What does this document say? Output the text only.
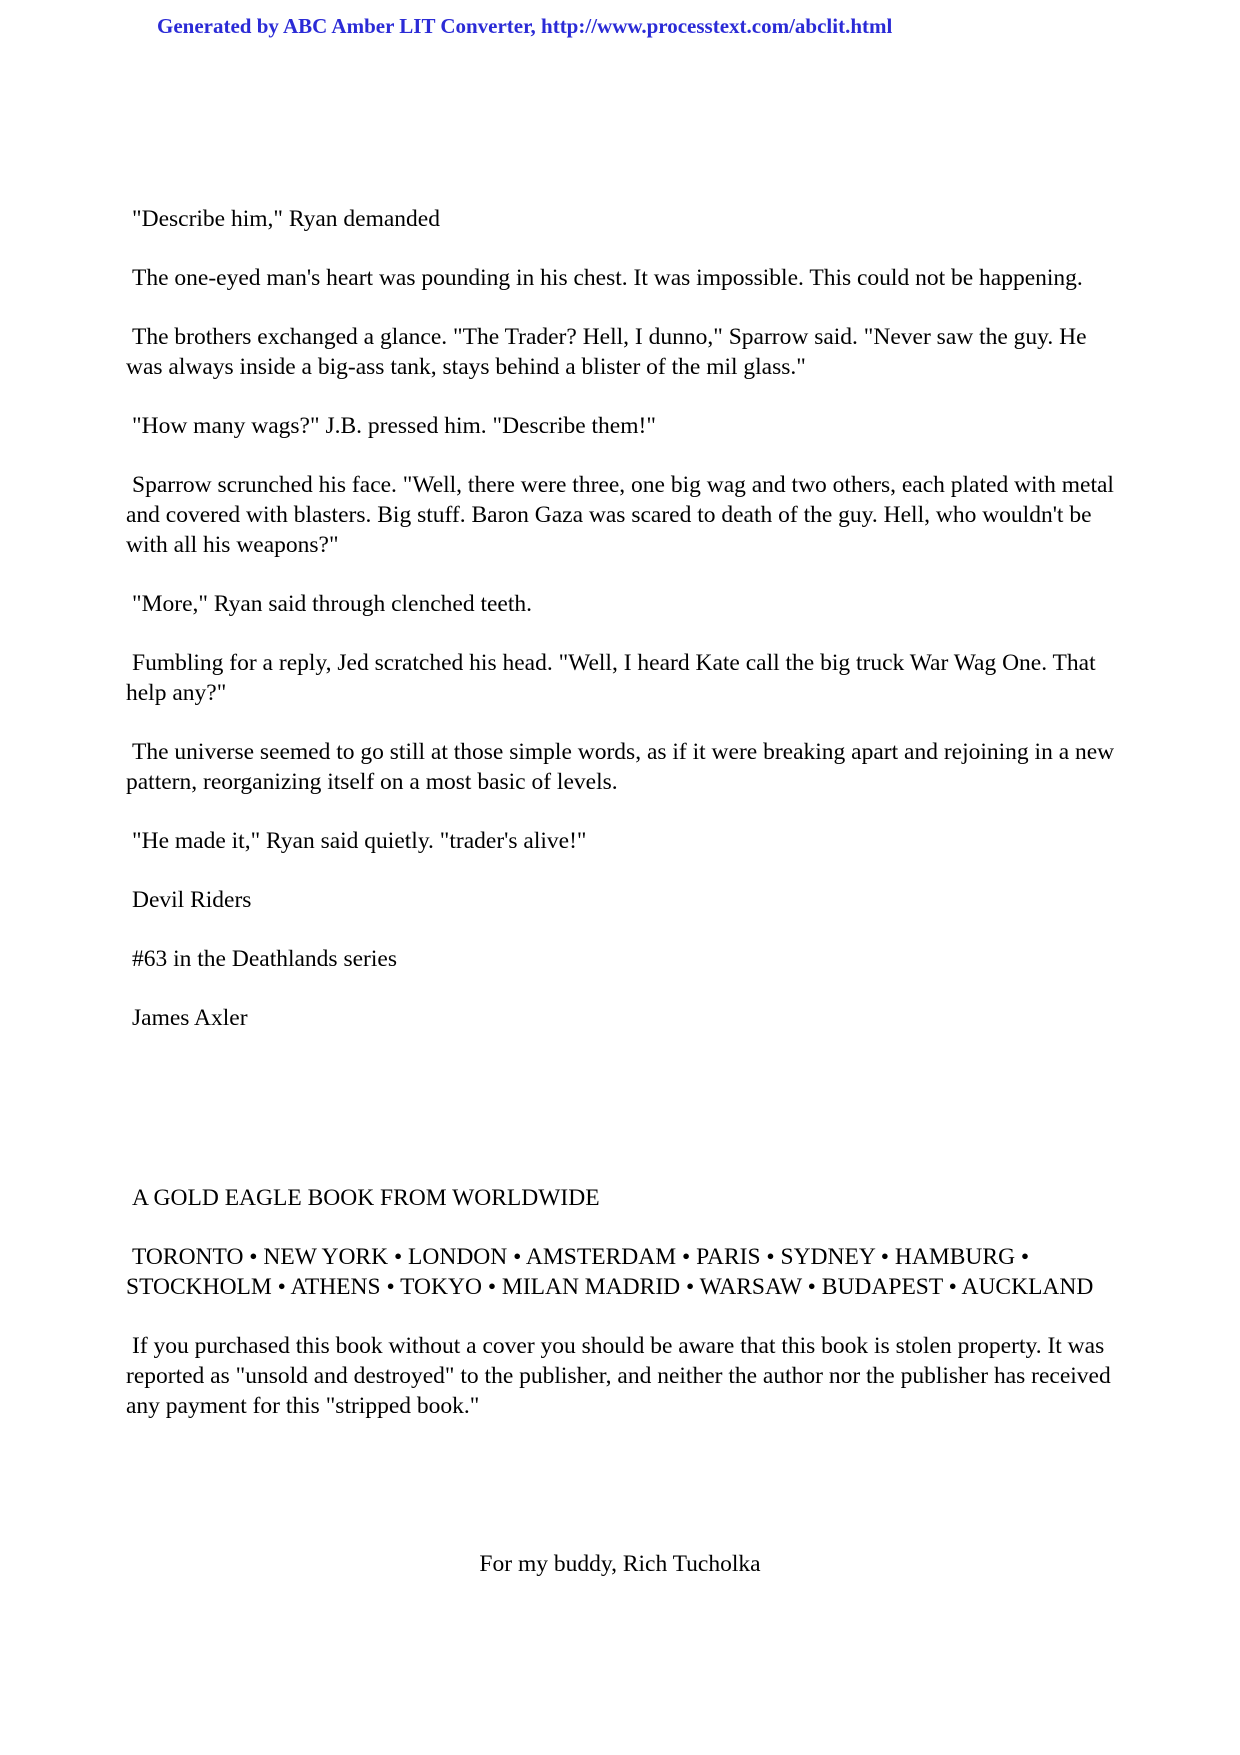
Generated by ABC Amber LIT Converter, http://www.processtext.com/abclit.html

"Describe him," Ryan demanded

The one-eyed man's heart was pounding in his chest. It was impossible. This could not be happening.

The brothers exchanged a glance. "The Trader? Hell, I dunno," Sparrow said. "Never saw the guy. He was always inside a big-ass tank, stays behind a blister of the mil glass."

"How many wags?" J.B. pressed him. "Describe them!"

Sparrow scrunched his face. "Well, there were three, one big wag and two others, each plated with metal and covered with blasters. Big stuff. Baron Gaza was scared to death of the guy. Hell, who wouldn't be with all his weapons?"

"More," Ryan said through clenched teeth.

Fumbling for a reply, Jed scratched his head. "Well, I heard Kate call the big truck War Wag One. That help any?"

The universe seemed to go still at those simple words, as if it were breaking apart and rejoining in a new pattern, reorganizing itself on a most basic of levels.

"He made it," Ryan said quietly. "trader's alive!"

Devil Riders

#63 in the Deathlands series

James Axler

A GOLD EAGLE BOOK FROM WORLDWIDE

TORONTO • NEW YORK • LONDON • AMSTERDAM • PARIS • SYDNEY • HAMBURG • STOCKHOLM • ATHENS • TOKYO • MILAN MADRID • WARSAW • BUDAPEST • AUCKLAND

If you purchased this book without a cover you should be aware that this book is stolen property. It was reported as "unsold and destroyed" to the publisher, and neither the author nor the publisher has received any payment for this "stripped book."

For my buddy, Rich Tucholka
